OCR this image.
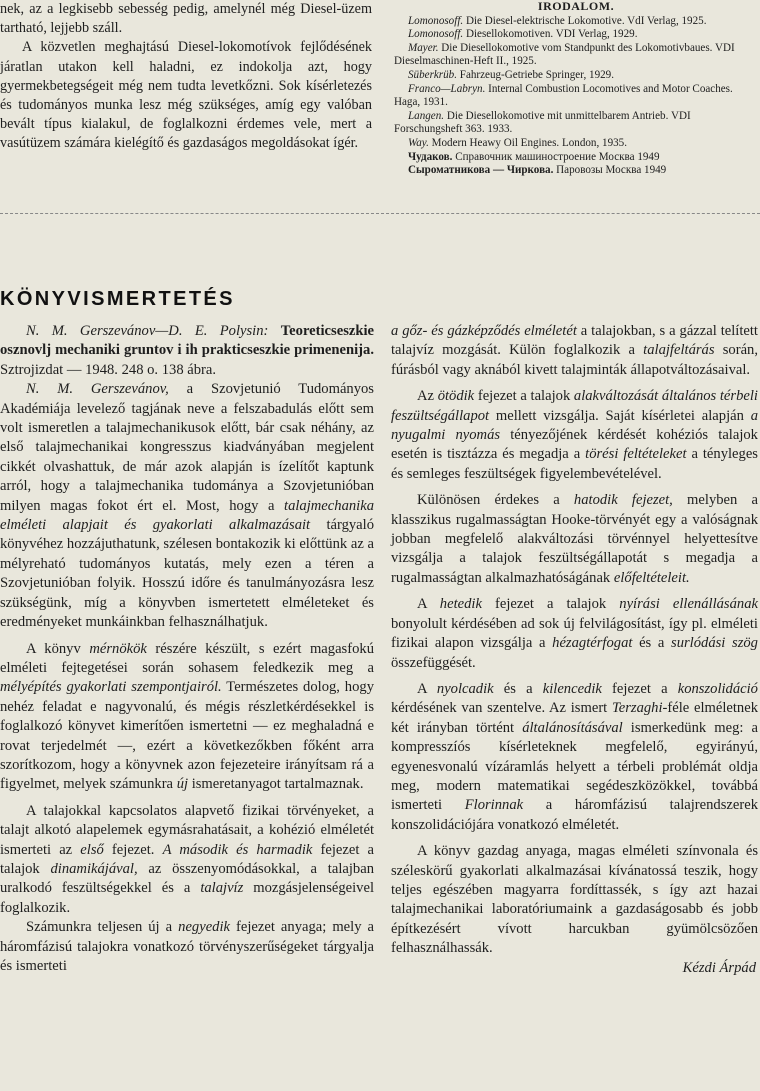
nek, az a legkisebb sebesség pedig, amelynél még Diesel-üzem tartható, lejjebb száll.

A közvetlen meghajtású Diesel-lokomotívok fejlődésének járatlan utakon kell haladni, ez indokolja azt, hogy gyermekbetegségeit még nem tudta levetkőzni. Sok kísérletezés és tudományos munka lesz még szükséges, amíg egy valóban bevált típus kialakul, de foglalkozni érdemes vele, mert a vasútüzem számára kielégítő és gazdaságos megoldásokat ígér.

IRODALOM.

Lomonosoff. Die Diesel-elektrische Lokomotive. VdI Verlag, 1925.

Lomonosoff. Diesellokomotiven. VDI Verlag, 1929.

Mayer. Die Diesellokomotive vom Standpunkt des Lokomotivbaues. VDI Dieselmaschinen-Heft II., 1925.

Süberkrüb. Fahrzeug-Getriebe Springer, 1929.

Franco—Labryn. Internal Combustion Locomotives and Motor Coaches. Haga, 1931.

Langen. Die Diesellokomotive mit unmittelbarem Antrieb. VDI Forschungsheft 363. 1933.

Way. Modern Heawy Oil Engines. London, 1935.

Чудаков. Справочник машиностроение Москва 1949

Сыроматникова — Чиркова. Паровозы Москва 1949

KÖNYVISMERTETÉS

N. M. Gerszevánov—D. E. Polysin: Teoreticseszkie osznovlj mechaniki gruntov i ih prakticseszkie primenenija. Sztrojizdat — 1948. 248 o. 138 ábra.

N. M. Gerszevánov, a Szovjetunió Tudományos Akadémiája levelező tagjának neve a felszabadulás előtt sem volt ismeretlen a talajmechanikusok előtt, bár csak néhány, az első talajmechanikai kongresszus kiadványában megjelent cikkét olvashattuk, de már azok alapján is ízelítőt kaptunk arról, hogy a talajmechanika tudománya a Szovjetunióban milyen magas fokot ért el. Most, hogy a talajmechanika elméleti alapjait és gyakorlati alkalmazásait tárgyaló könyvéhez hozzájuthatunk, szélesen bontakozik ki előttünk az a mélyreható tudományos kutatás, mely ezen a téren a Szovjetunióban folyik. Hosszú időre és tanulmányozásra lesz szükségünk, míg a könyvben ismertetett elméleteket és eredményeket munkáinkban felhasználhatjuk.

A könyv mérnökök részére készült, s ezért magasfokú elméleti fejtegetései során sohasem feledkezik meg a mélyépítés gyakorlati szempontjairól. Természetes dolog, hogy nehéz feladat e nagyvonalú, és mégis részletkérdésekkel is foglalkozó könyvet kimerítően ismertetni — ez meghaladná e rovat terjedelmét —, ezért a következőkben főként arra szorítkozom, hogy a könyvnek azon fejezeteire irányítsam rá a figyelmet, melyek számunkra új ismeretanyagot tartalmaznak.

A talajokkal kapcsolatos alapvető fizikai törvényeket, a talajt alkotó alapelemek egymásrahatásait, a kohézió elméletét ismerteti az első fejezet. A második és harmadik fejezet a talajok dinamikájával, az összenyomódásokkal, a talajban uralkodó feszültségekkel és a talajvíz mozgásjelenségeivel foglalkozik.

Számunkra teljesen új a negyedik fejezet anyaga; mely a háromfázisú talajokra vonatkozó törvényszerűségeket tárgyalja és ismerteti

a gőz- és gázképződés elméletét a talajokban, s a gázzal telített talajvíz mozgását. Külön foglalkozik a talajfeltárás során, fúrásból vagy aknából kivett talajminták állapotváltozásaival.

Az ötödik fejezet a talajok alakváltozását általános térbeli feszültségállapot mellett vizsgálja. Saját kísérletei alapján a nyugalmi nyomás tényezőjének kérdését kohéziós talajok esetén is tisztázza és megadja a törési feltételeket a tényleges és semleges feszültségek figyelembevételével.

Különösen érdekes a hatodik fejezet, melyben a klasszikus rugalmasságtan Hooke-törvényét egy a valóságnak jobban megfelelő alakváltozási törvénnyel helyettesítve vizsgálja a talajok feszültségállapotát s megadja a rugalmasságtan alkalmazhatóságának előfeltételeit.

A hetedik fejezet a talajok nyírási ellenállásának bonyolult kérdésében ad sok új felvilágosítást, így pl. elméleti fizikai alapon vizsgálja a hézagtérfogat és a surlódási szög összefüggését.

A nyolcadik és a kilencedik fejezet a konszolidáció kérdésének van szentelve. Az ismert Terzaghi-féle elméletnek két irányban történt általánosításával ismerkedünk meg: a kompresszíós kísérleteknek megfelelő, egyirányú, egyenesvonalú vízáramlás helyett a térbeli problémát oldja meg, modern matematikai segédeszközökkel, továbbá ismerteti Florinnak a háromfázisú talajrendszerek konszolidációjára vonatkozó elméletét.

A könyv gazdag anyaga, magas elméleti színvonala és széleskörű gyakorlati alkalmazásai kívánatossá teszik, hogy teljes egészében magyarra fordíttassék, s így azt hazai talajmechanikai laboratóriumaink a gazdaságosabb és jobb építkezésért vívott harcukban gyümölcsözően felhasználhassák.

Kézdi Árpád
